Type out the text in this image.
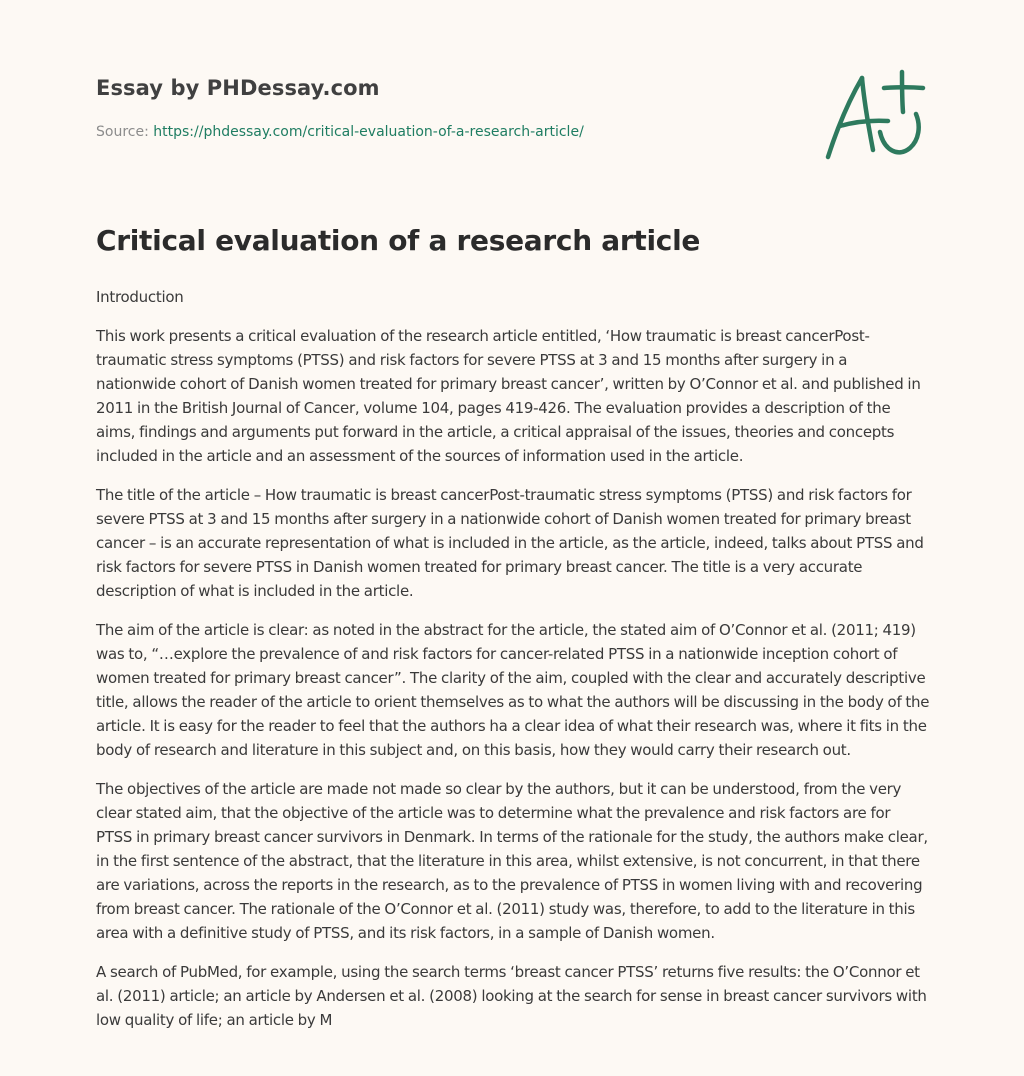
Essay by PHDessay.com
Source: https://phdessay.com/critical-evaluation-of-a-research-article/
Critical evaluation of a research article

Introduction

This work presents a critical evaluation of the research article entitled, ‘How traumatic is breast cancerPost-traumatic stress symptoms (PTSS) and risk factors for severe PTSS at 3 and 15 months after surgery in a nationwide cohort of Danish women treated for primary breast cancer’, written by O’Connor et al. and published in 2011 in the British Journal of Cancer, volume 104, pages 419-426. The evaluation provides a description of the aims, findings and arguments put forward in the article, a critical appraisal of the issues, theories and concepts included in the article and an assessment of the sources of information used in the article.

The title of the article – How traumatic is breast cancerPost-traumatic stress symptoms (PTSS) and risk factors for severe PTSS at 3 and 15 months after surgery in a nationwide cohort of Danish women treated for primary breast cancer – is an accurate representation of what is included in the article, as the article, indeed, talks about PTSS and risk factors for severe PTSS in Danish women treated for primary breast cancer. The title is a very accurate description of what is included in the article.

The aim of the article is clear: as noted in the abstract for the article, the stated aim of O’Connor et al. (2011; 419) was to, “…explore the prevalence of and risk factors for cancer-related PTSS in a nationwide inception cohort of women treated for primary breast cancer”. The clarity of the aim, coupled with the clear and accurately descriptive title, allows the reader of the article to orient themselves as to what the authors will be discussing in the body of the article. It is easy for the reader to feel that the authors ha a clear idea of what their research was, where it fits in the body of research and literature in this subject and, on this basis, how they would carry their research out.

The objectives of the article are made not made so clear by the authors, but it can be understood, from the very clear stated aim, that the objective of the article was to determine what the prevalence and risk factors are for PTSS in primary breast cancer survivors in Denmark. In terms of the rationale for the study, the authors make clear, in the first sentence of the abstract, that the literature in this area, whilst extensive, is not concurrent, in that there are variations, across the reports in the research, as to the prevalence of PTSS in women living with and recovering from breast cancer. The rationale of the O’Connor et al. (2011) study was, therefore, to add to the literature in this area with a definitive study of PTSS, and its risk factors, in a sample of Danish women.

A search of PubMed, for example, using the search terms ‘breast cancer PTSS’ returns five results: the O’Connor et al. (2011) article; an article by Andersen et al. (2008) looking at the search for sense in breast cancer survivors with low quality of life; an article by M
